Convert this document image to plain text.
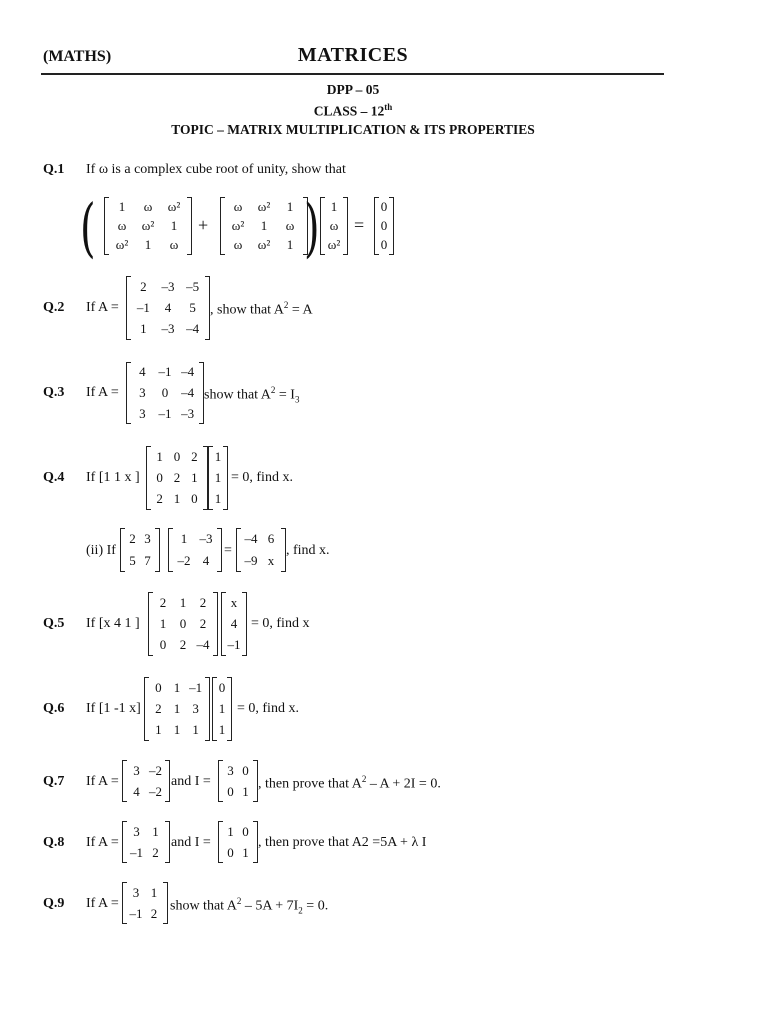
(MATHS)	MATRICES
DPP – 05
CLASS – 12th
TOPIC – MATRIX MULTIPLICATION & ITS PROPERTIES
Q.1 If ω is a complex cube root of unity, show that
( 1 ω ω²
ω ω² 1
ω² 1 ω
+
ω ω² 1
ω² 1 ω
ω ω² 1 ) 1
ω
ω²
=
0
0
0
Q.2 If A =
2 –3 –5
–1 4 5
1 –3 –4
, show that $A^2 = A$
Q.3 If A =
4 –1 –4
3 0 –4
3 –1 –3
show that $A^2 = I_3$
Q.4 If [1 1 x ]
1 0 2
0 2 1
2 1 0
1
1
1
= 0, find x.
(ii) If
2 3
5 7
1 –3
–2 4
=
–4 6
–9 x
, find x.
Q.5 If [x 4 1 ]
2 1 2
1 0 2
0 2 –4
x
4
–1
= 0, find x
Q.6 If [1 -1 x]
0 1 –1
2 1 3
1 1 1
0
1
1
= 0, find x.
Q.7 If A =
3 –2
4 –2
and I =
3 0
0 1 , then prove that $A^2 - A + 2I = 0$.
Q.8 If A =
3 1
–1 2
and I =
1 0
0 1
, then prove that A2 =5A + λ I
Q.9 If A =
3 1
–1 2 show that $A^2 - 5A + 7I_2 = 0$.
